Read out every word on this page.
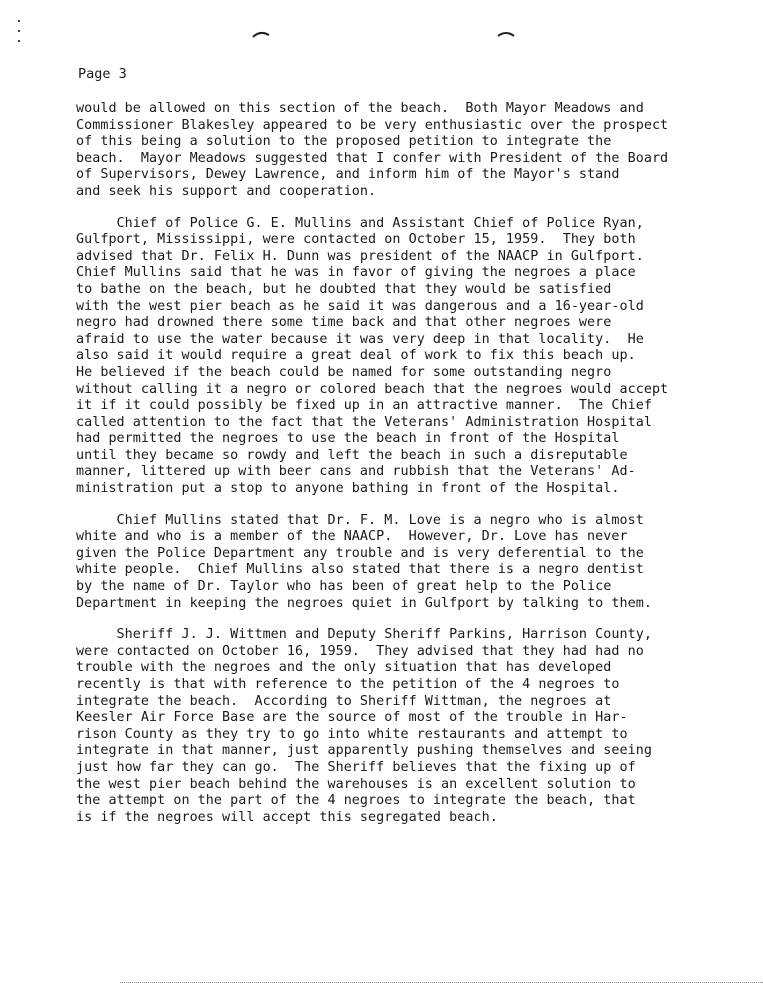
Page 3
would be allowed on this section of the beach.  Both Mayor Meadows and
Commissioner Blakesley appeared to be very enthusiastic over the prospect
of this being a solution to the proposed petition to integrate the
beach.  Mayor Meadows suggested that I confer with President of the Board
of Supervisors, Dewey Lawrence, and inform him of the Mayor's stand
and seek his support and cooperation.
Chief of Police G. E. Mullins and Assistant Chief of Police Ryan,
Gulfport, Mississippi, were contacted on October 15, 1959.  They both
advised that Dr. Felix H. Dunn was president of the NAACP in Gulfport.
Chief Mullins said that he was in favor of giving the negroes a place
to bathe on the beach, but he doubted that they would be satisfied
with the west pier beach as he said it was dangerous and a 16-year-old
negro had drowned there some time back and that other negroes were
afraid to use the water because it was very deep in that locality.  He
also said it would require a great deal of work to fix this beach up.
He believed if the beach could be named for some outstanding negro
without calling it a negro or colored beach that the negroes would accept
it if it could possibly be fixed up in an attractive manner.  The Chief
called attention to the fact that the Veterans' Administration Hospital
had permitted the negroes to use the beach in front of the Hospital
until they became so rowdy and left the beach in such a disreputable
manner, littered up with beer cans and rubbish that the Veterans' Ad-
ministration put a stop to anyone bathing in front of the Hospital.
Chief Mullins stated that Dr. F. M. Love is a negro who is almost
white and who is a member of the NAACP.  However, Dr. Love has never
given the Police Department any trouble and is very deferential to the
white people.  Chief Mullins also stated that there is a negro dentist
by the name of Dr. Taylor who has been of great help to the Police
Department in keeping the negroes quiet in Gulfport by talking to them.
Sheriff J. J. Wittmen and Deputy Sheriff Parkins, Harrison County,
were contacted on October 16, 1959.  They advised that they had had no
trouble with the negroes and the only situation that has developed
recently is that with reference to the petition of the 4 negroes to
integrate the beach.  According to Sheriff Wittman, the negroes at
Keesler Air Force Base are the source of most of the trouble in Har-
rison County as they try to go into white restaurants and attempt to
integrate in that manner, just apparently pushing themselves and seeing
just how far they can go.  The Sheriff believes that the fixing up of
the west pier beach behind the warehouses is an excellent solution to
the attempt on the part of the 4 negroes to integrate the beach, that
is if the negroes will accept this segregated beach.
